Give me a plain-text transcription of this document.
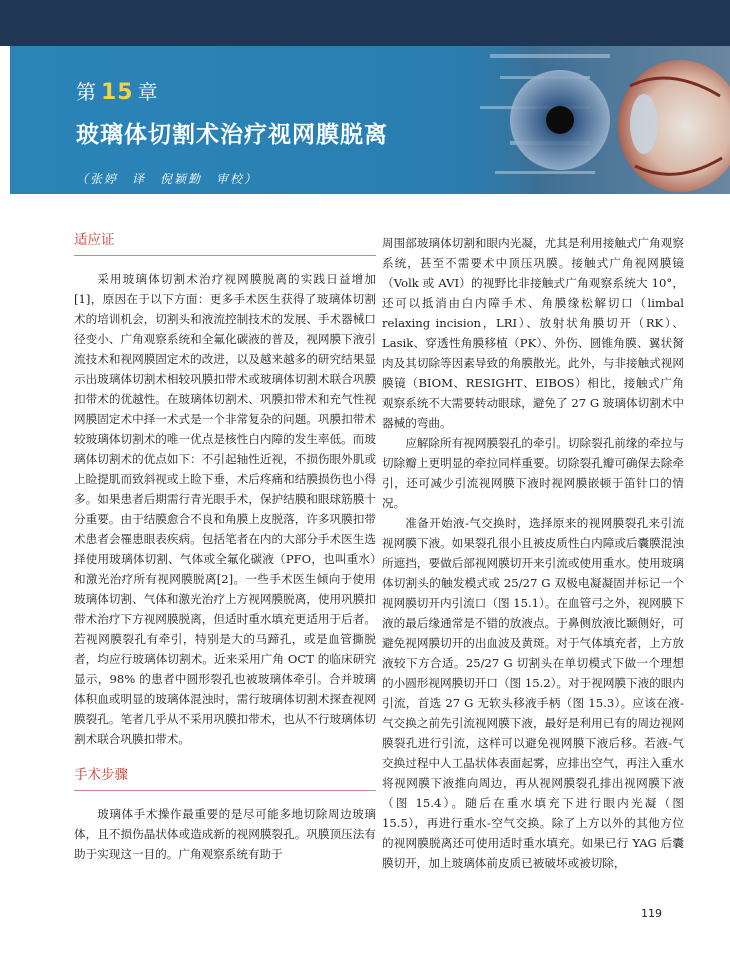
第 15 章
玻璃体切割术治疗视网膜脱离
（张婷　译　倪颖勤　审校）
适应证

采用玻璃体切割术治疗视网膜脱离的实践日益增加[1]，原因在于以下方面：更多手术医生获得了玻璃体切割术的培训机会，切割头和液流控制技术的发展、手术器械口径变小、广角观察系统和全氟化碳液的普及，视网膜下液引流技术和视网膜固定术的改进，以及越来越多的研究结果显示出玻璃体切割术相较巩膜扣带术或玻璃体切割术联合巩膜扣带术的优越性。在玻璃体切割术、巩膜扣带术和充气性视网膜固定术中择一术式是一个非常复杂的问题。巩膜扣带术较玻璃体切割术的唯一优点是核性白内障的发生率低。而玻璃体切割术的优点如下：不引起轴性近视，不损伤眼外肌或上睑提肌而致斜视或上睑下垂，术后疼痛和结膜损伤也小得多。如果患者后期需行青光眼手术，保护结膜和眼球筋膜十分重要。由于结膜愈合不良和角膜上皮脱落，许多巩膜扣带术患者会罹患眼表疾病。包括笔者在内的大部分手术医生选择使用玻璃体切割、气体或全氟化碳液（PFO，也叫重水）和激光治疗所有视网膜脱离[2]。一些手术医生倾向于使用玻璃体切割、气体和激光治疗上方视网膜脱离，使用巩膜扣带术治疗下方视网膜脱离，但适时重水填充更适用于后者。若视网膜裂孔有牵引，特别是大的马蹄孔，或是血管撕脱者，均应行玻璃体切割术。近来采用广角 OCT 的临床研究显示，98% 的患者中圆形裂孔也被玻璃体牵引。合并玻璃体积血或明显的玻璃体混浊时，需行玻璃体切割术探查视网膜裂孔。笔者几乎从不采用巩膜扣带术，也从不行玻璃体切割术联合巩膜扣带术。

手术步骤

玻璃体手术操作最重要的是尽可能多地切除周边玻璃体，且不损伤晶状体或造成新的视网膜裂孔。巩膜顶压法有助于实现这一目的。广角观察系统有助于

周围部玻璃体切割和眼内光凝，尤其是利用接触式广角观察系统，甚至不需要术中顶压巩膜。接触式广角视网膜镜（Volk 或 AVI）的视野比非接触式广角观察系统大 10°，还可以抵消由白内障手术、角膜缘松解切口（limbal relaxing incision，LRI）、放射状角膜切开（RK）、Lasik、穿透性角膜移植（PK）、外伤、圆锥角膜、翼状胬肉及其切除等因素导致的角膜散光。此外，与非接触式视网膜镜（BIOM、RESIGHT、EIBOS）相比，接触式广角观察系统不大需要转动眼球，避免了 27 G 玻璃体切割术中器械的弯曲。

应解除所有视网膜裂孔的牵引。切除裂孔前缘的牵拉与切除瓣上更明显的牵拉同样重要。切除裂孔瓣可确保去除牵引，还可减少引流视网膜下液时视网膜嵌顿于笛针口的情况。

准备开始液-气交换时，选择原来的视网膜裂孔来引流视网膜下液。如果裂孔很小且被皮质性白内障或后囊膜混浊所遮挡，要做后部视网膜切开来引流或使用重水。使用玻璃体切割头的触发模式或 25/27 G 双极电凝凝固并标记一个视网膜切开内引流口（图 15.1）。在血管弓之外，视网膜下液的最后缘通常是不错的放液点。于鼻侧放液比颞侧好，可避免视网膜切开的出血波及黄斑。对于气体填充者，上方放液较下方合适。25/27 G 切割头在单切模式下做一个理想的小圆形视网膜切开口（图 15.2）。对于视网膜下液的眼内引流，首选 27 G 无软头移液手柄（图 15.3）。应该在液-气交换之前先引流视网膜下液，最好是利用已有的周边视网膜裂孔进行引流，这样可以避免视网膜下液后移。若液-气交换过程中人工晶状体表面起雾，应排出空气，再注入重水将视网膜下液推向周边，再从视网膜裂孔排出视网膜下液（图 15.4）。随后在重水填充下进行眼内光凝（图 15.5），再进行重水-空气交换。除了上方以外的其他方位的视网膜脱离还可使用适时重水填充。如果已行 YAG 后囊膜切开，加上玻璃体前皮质已被破坏或被切除，

119
